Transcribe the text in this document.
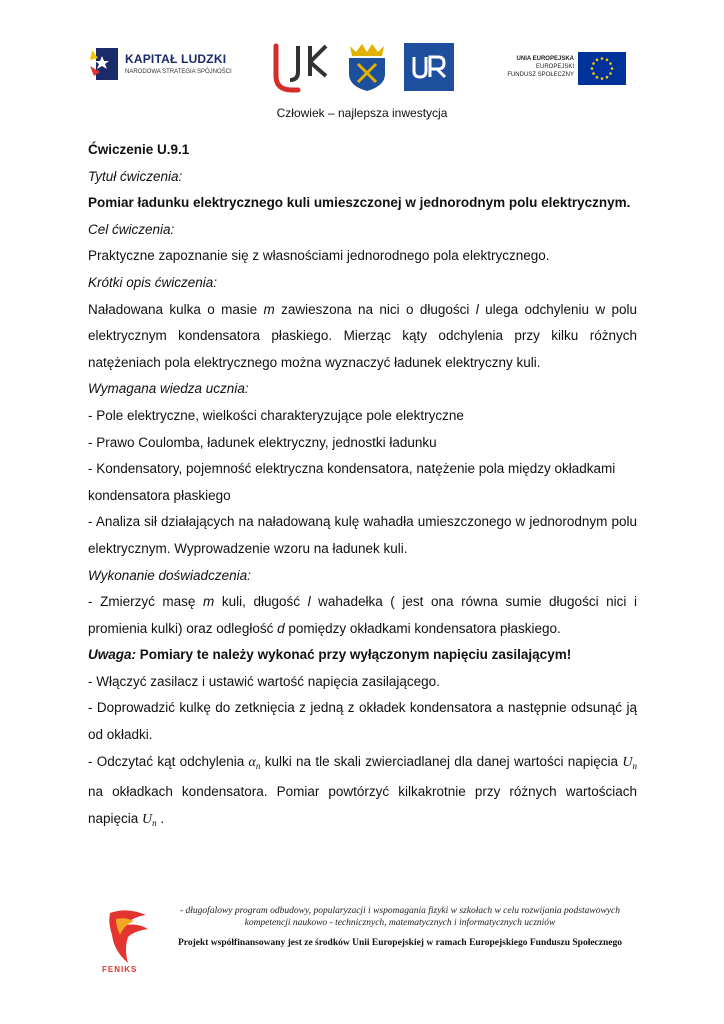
KAPITAŁ LUDZKI
NARODOWA STRATEGIA SPÓJNOŚCI
UNIA EUROPEJSKA
EUROPEJSKI
FUNDUSZ SPOŁECZNY
Człowiek – najlepsza inwestycja

Ćwiczenie U.9.1

Tytuł ćwiczenia:

Pomiar ładunku elektrycznego kuli umieszczonej w jednorodnym polu elektrycznym.

Cel ćwiczenia:

Praktyczne zapoznanie się z własnościami jednorodnego pola elektrycznego.

Krótki opis ćwiczenia:

Naładowana kulka o masie m zawieszona na nici o długości l ulega odchyleniu w polu elektrycznym kondensatora płaskiego. Mierząc kąty odchylenia przy kilku różnych natężeniach pola elektrycznego można wyznaczyć ładunek elektryczny kuli.

Wymagana wiedza ucznia:

- Pole elektryczne, wielkości charakteryzujące pole elektryczne

- Prawo Coulomba, ładunek elektryczny, jednostki ładunku

- Kondensatory, pojemność elektryczna kondensatora, natężenie pola między okładkami kondensatora płaskiego

- Analiza sił działających na naładowaną kulę wahadła umieszczonego w jednorodnym polu elektrycznym. Wyprowadzenie wzoru na ładunek kuli.

Wykonanie doświadczenia:

- Zmierzyć masę m kuli, długość l wahadełka ( jest ona równa sumie długości nici i promienia kulki) oraz odległość d pomiędzy okładkami kondensatora płaskiego.

Uwaga: Pomiary te należy wykonać przy wyłączonym napięciu zasilającym!

- Włączyć zasilacz i ustawić wartość napięcia zasilającego.

- Doprowadzić kulkę do zetknięcia z jedną z okładek kondensatora a następnie odsunąć ją od okładki.

- Odczytać kąt odchylenia $\alpha_n$ kulki na tle skali zwierciadlanej dla danej wartości napięcia $U_n$ na okładkach kondensatora. Pomiar powtórzyć kilkakrotnie przy różnych wartościach napięcia $U_n$ .

FENIKS
- długofalowy program odbudowy, popularyzacji i wspomagania fizyki w szkołach w celu rozwijania podstawowych
kompetencji naukowo - technicznych, matematycznych i informatycznych uczniów
Projekt współfinansowany jest ze środków Unii Europejskiej w ramach Europejskiego Funduszu Społecznego
